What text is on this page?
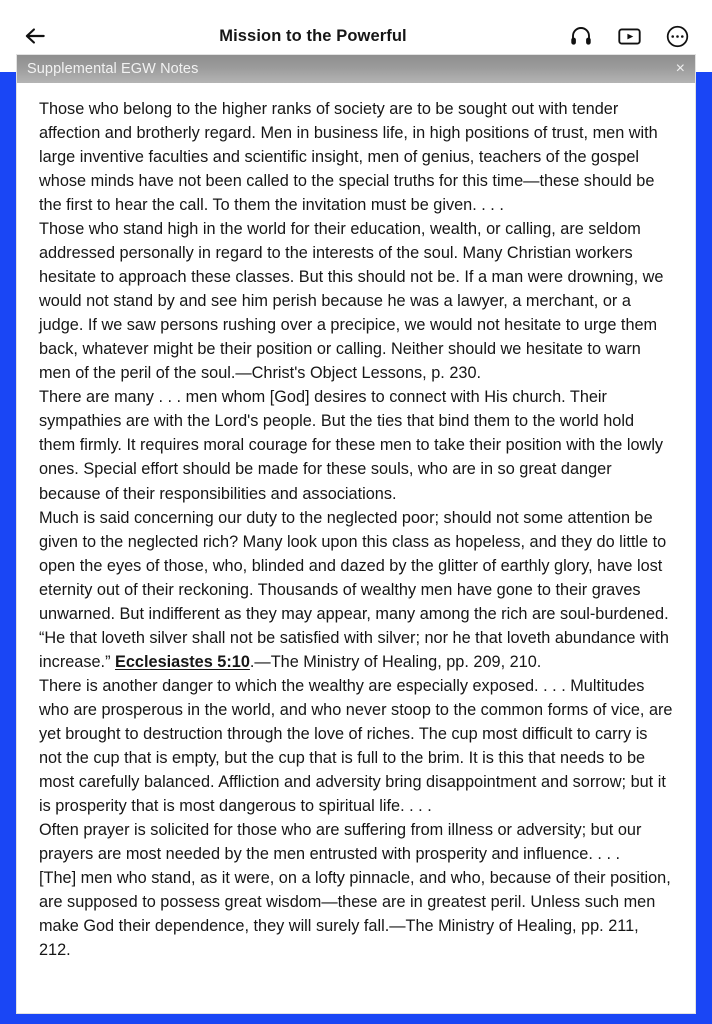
Mission to the Powerful
Supplemental EGW Notes	×

Those who belong to the higher ranks of society are to be sought out with tender affection and brotherly regard. Men in business life, in high positions of trust, men with large inventive faculties and scientific insight, men of genius, teachers of the gospel whose minds have not been called to the special truths for this time—these should be the first to hear the call. To them the invitation must be given. . . .

Those who stand high in the world for their education, wealth, or calling, are seldom addressed personally in regard to the interests of the soul. Many Christian workers hesitate to approach these classes. But this should not be. If a man were drowning, we would not stand by and see him perish because he was a lawyer, a merchant, or a judge. If we saw persons rushing over a precipice, we would not hesitate to urge them back, whatever might be their position or calling. Neither should we hesitate to warn men of the peril of the soul.—Christ's Object Lessons, p. 230.

There are many . . . men whom [God] desires to connect with His church. Their sympathies are with the Lord's people. But the ties that bind them to the world hold them firmly. It requires moral courage for these men to take their position with the lowly ones. Special effort should be made for these souls, who are in so great danger because of their responsibilities and associations.

Much is said concerning our duty to the neglected poor; should not some attention be given to the neglected rich? Many look upon this class as hopeless, and they do little to open the eyes of those, who, blinded and dazed by the glitter of earthly glory, have lost eternity out of their reckoning. Thousands of wealthy men have gone to their graves unwarned. But indifferent as they may appear, many among the rich are soul-burdened. “He that loveth silver shall not be satisfied with silver; nor he that loveth abundance with increase.” Ecclesiastes 5:10.—The Ministry of Healing, pp. 209, 210.

There is another danger to which the wealthy are especially exposed. . . . Multitudes who are prosperous in the world, and who never stoop to the common forms of vice, are yet brought to destruction through the love of riches. The cup most difficult to carry is not the cup that is empty, but the cup that is full to the brim. It is this that needs to be most carefully balanced. Affliction and adversity bring disappointment and sorrow; but it is prosperity that is most dangerous to spiritual life. . . .

Often prayer is solicited for those who are suffering from illness or adversity; but our prayers are most needed by the men entrusted with prosperity and influence. . . .

[The] men who stand, as it were, on a lofty pinnacle, and who, because of their position, are supposed to possess great wisdom—these are in greatest peril. Unless such men make God their dependence, they will surely fall.—The Ministry of Healing, pp. 211, 212.
